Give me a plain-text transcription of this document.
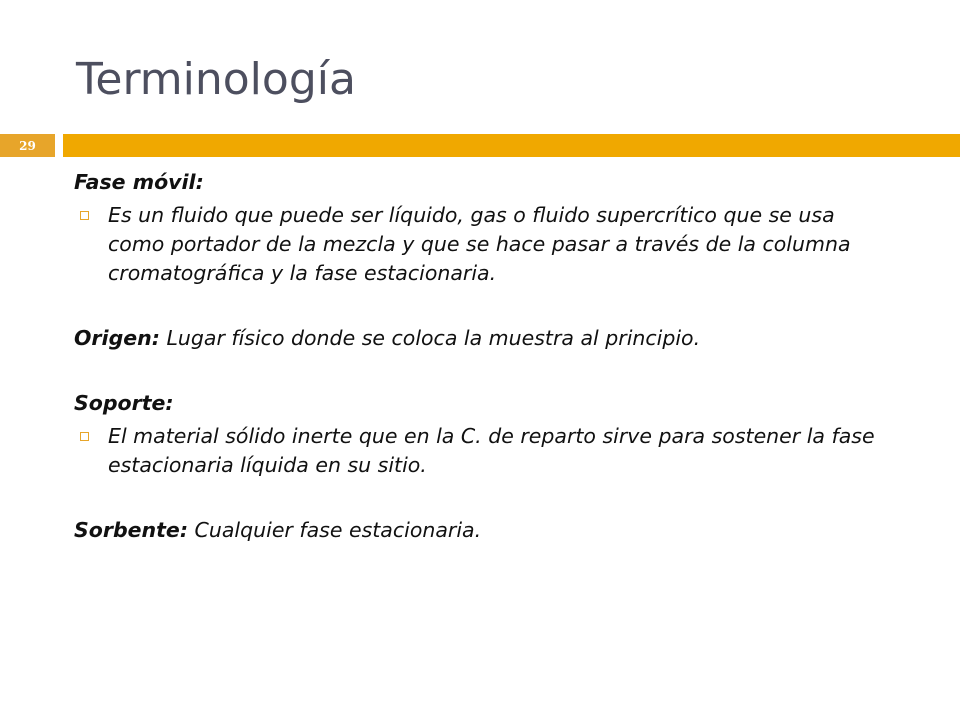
Terminología
29

Fase móvil:

Es un fluido que puede ser líquido, gas o fluido supercrítico que se usa como portador de la mezcla y que se hace pasar a través de la columna cromatográfica y la fase estacionaria.

Origen: Lugar físico donde se coloca la muestra al principio.

Soporte:

El material sólido inerte que en la C. de reparto sirve para sostener la fase estacionaria líquida en su sitio.

Sorbente: Cualquier fase estacionaria.
